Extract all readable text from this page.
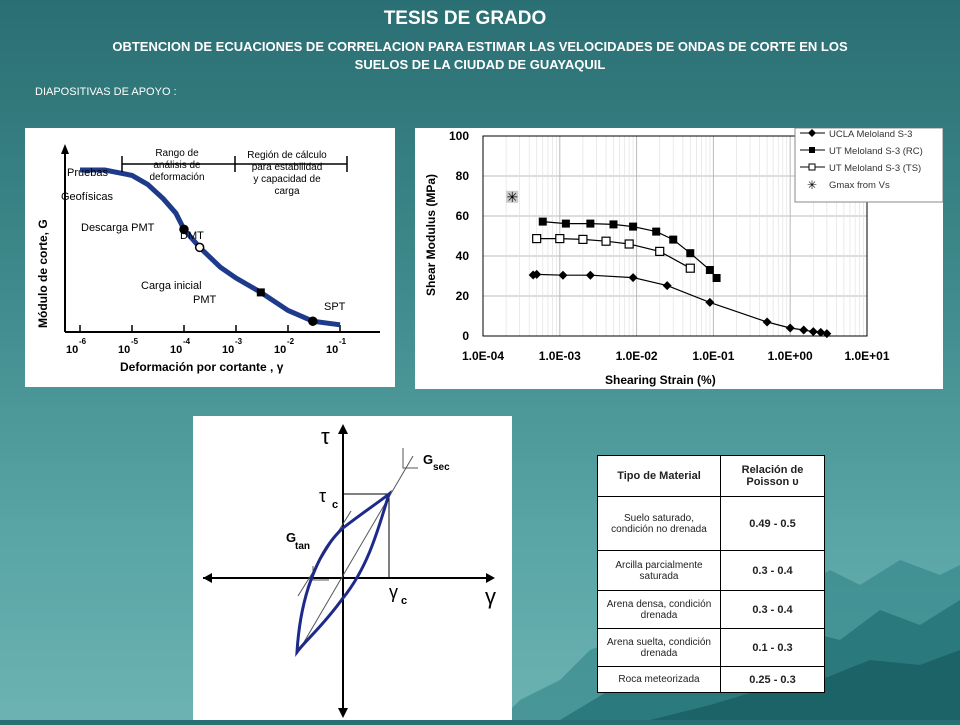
TESIS DE GRADO
OBTENCION DE ECUACIONES DE CORRELACION PARA ESTIMAR LAS VELOCIDADES DE ONDAS DE CORTE EN LOS
SUELOS DE LA CIUDAD DE GUAYAQUIL
DIAPOSITIVAS DE APOYO :
10
-6
10
-5
10
-4
10
-3
10
-2
10
-1
Módulo de corte, G
Deformación por cortante , γ
Pruebas
Geofísicas
Descarga PMT
DMT
Carga inicial
PMT
SPT
Rango de
análisis de
deformación
Región de cálculo
para estabilidad
y capacidad de
carga
0
20
40
60
80
100
1.0E-04	1.0E-03	1.0E-02	1.0E-01	1.0E+00	1.0E+01
✳
Shear Modulus (MPa)
Shearing Strain (%)
UCLA Meloland S-3
UT Meloland S-3 (RC)
UT Meloland S-3 (TS)
✳ Gmax from Vs
τ
γ
τ c
γ c
G
sec
G
tan
Tipo de Material	Relación de Poisson υ
Suelo saturado, condición no drenada	0.49 - 0.5
Arcilla parcialmente saturada	0.3 - 0.4
Arena densa, condición drenada	0.3 - 0.4
Arena suelta, condición drenada	0.1 - 0.3
Roca meteorizada	0.25 - 0.3
